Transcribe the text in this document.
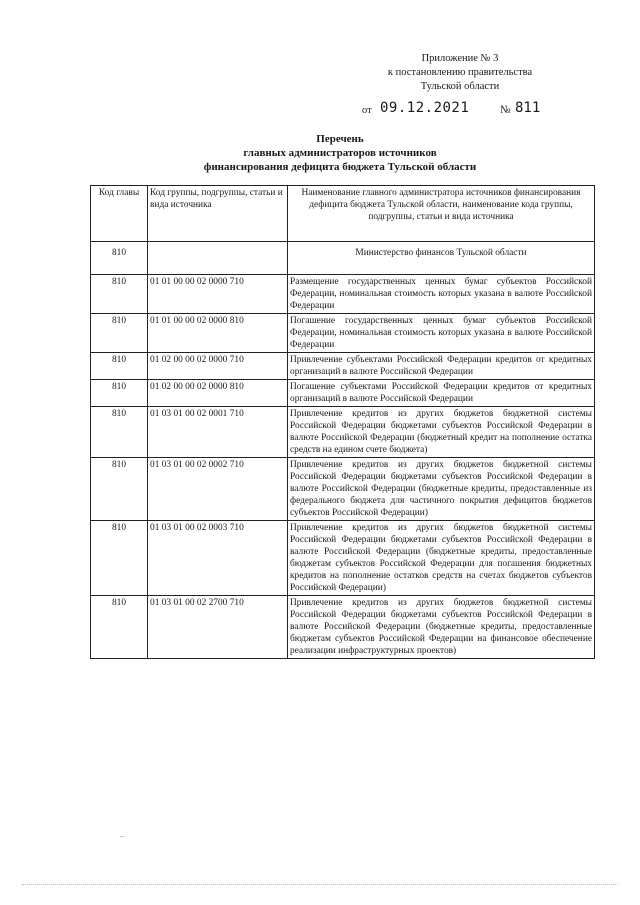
Приложение № 3
к постановлению правительства
Тульской области
от 09.12.2021	№ 811
Перечень
главных администраторов источников
финансирования дефицита бюджета Тульской области
Код главы	Код группы, подгруппы, статьи и вида источника	Наименование главного администратора источников финансирования дефицита бюджета Тульской области, наименование кода группы, подгруппы, статьи и вида источника
810		Министерство финансов Тульской области
810	01 01 00 00 02 0000 710	Размещение государственных ценных бумаг субъектов Российской Федерации, номинальная стоимость которых указана в валюте Российской Федерации
810	01 01 00 00 02 0000 810	Погашение государственных ценных бумаг субъектов Российской Федерации, номинальная стоимость которых указана в валюте Российской Федерации
810	01 02 00 00 02 0000 710	Привлечение субъектами Российской Федерации кредитов от кредитных организаций в валюте Российской Федерации
810	01 02 00 00 02 0000 810	Погашение субъектами Российской Федерации кредитов от кредитных организаций в валюте Российской Федерации
810	01 03 01 00 02 0001 710	Привлечение кредитов из других бюджетов бюджетной системы Российской Федерации бюджетами субъектов Российской Федерации в валюте Российской Федерации (бюджетный кредит на пополнение остатка средств на едином счете бюджета)
810	01 03 01 00 02 0002 710	Привлечение кредитов из других бюджетов бюджетной системы Российской Федерации бюджетами субъектов Российской Федерации в валюте Российской Федерации (бюджетные кредиты, предоставленные из федерального бюджета для частичного покрытия дефицитов бюджетов субъектов Российской Федерации)
810	01 03 01 00 02 0003 710	Привлечение кредитов из других бюджетов бюджетной системы Российской Федерации бюджетами субъектов Российской Федерации в валюте Российской Федерации (бюджетные кредиты, предоставленные бюджетам субъектов Российской Федерации для погашения бюджетных кредитов на пополнение остатков средств на счетах бюджетов субъектов Российской Федерации)
810	01 03 01 00 02 2700 710	Привлечение кредитов из других бюджетов бюджетной системы Российской Федерации бюджетами субъектов Российской Федерации в валюте Российской Федерации (бюджетные кредиты, предоставленные бюджетам субъектов Российской Федерации на финансовое обеспечение реализации инфраструктурных проектов)
